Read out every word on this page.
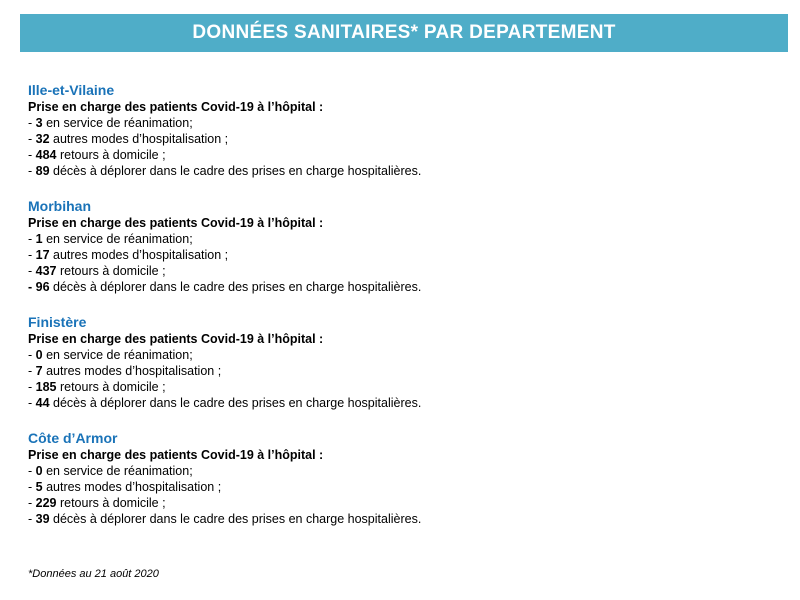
DONNÉES SANITAIRES* PAR DEPARTEMENT
Ille-et-Vilaine
Prise en charge des patients Covid-19 à l’hôpital :
- 3 en service de réanimation;
- 32 autres modes d’hospitalisation ;
- 484 retours à domicile ;
- 89 décès à déplorer dans le cadre des prises en charge hospitalières.
Morbihan
Prise en charge des patients Covid-19 à l’hôpital :
- 1 en service de réanimation;
- 17 autres modes d’hospitalisation ;
- 437 retours à domicile ;
- 96 décès à déplorer dans le cadre des prises en charge hospitalières.
Finistère
Prise en charge des patients Covid-19 à l’hôpital :
- 0 en service de réanimation;
- 7 autres modes d’hospitalisation ;
- 185 retours à domicile ;
- 44 décès à déplorer dans le cadre des prises en charge hospitalières.
Côte d’Armor
Prise en charge des patients Covid-19 à l’hôpital :
- 0 en service de réanimation;
- 5 autres modes d’hospitalisation ;
- 229 retours à domicile ;
- 39 décès à déplorer dans le cadre des prises en charge hospitalières.
*Données au 21 août 2020
